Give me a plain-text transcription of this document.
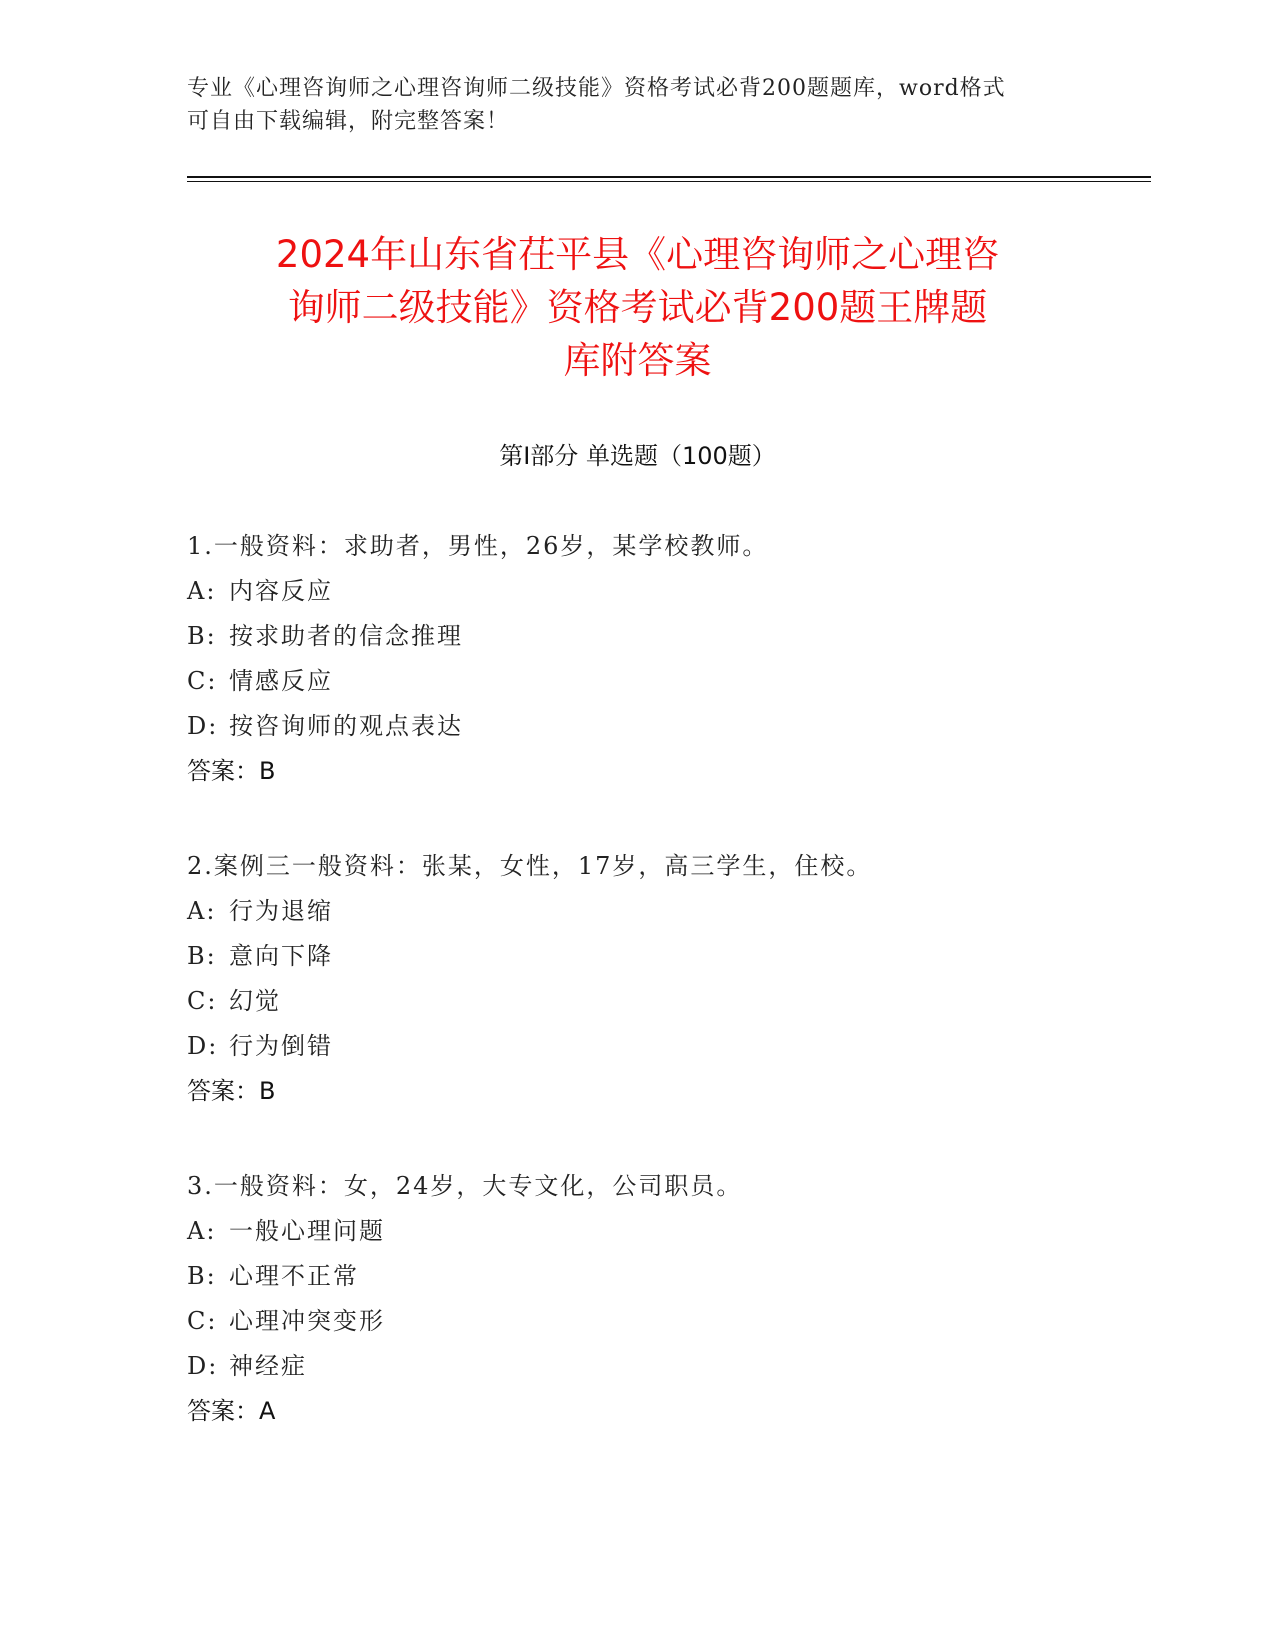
专业《心理咨询师之心理咨询师二级技能》资格考试必背200题题库，word格式
可自由下载编辑，附完整答案！
2024年山东省茌平县《心理咨询师之心理咨
询师二级技能》资格考试必背200题王牌题
库附答案
第Ⅰ部分 单选题（100题）
1.一般资料：求助者，男性，26岁，某学校教师。
A: 内容反应
B: 按求助者的信念推理
C: 情感反应
D: 按咨询师的观点表达
答案：B
2.案例三一般资料：张某，女性，17岁，高三学生，住校。
A: 行为退缩
B: 意向下降
C: 幻觉
D: 行为倒错
答案：B
3.一般资料：女，24岁，大专文化，公司职员。
A: 一般心理问题
B: 心理不正常
C: 心理冲突变形
D: 神经症
答案：A
